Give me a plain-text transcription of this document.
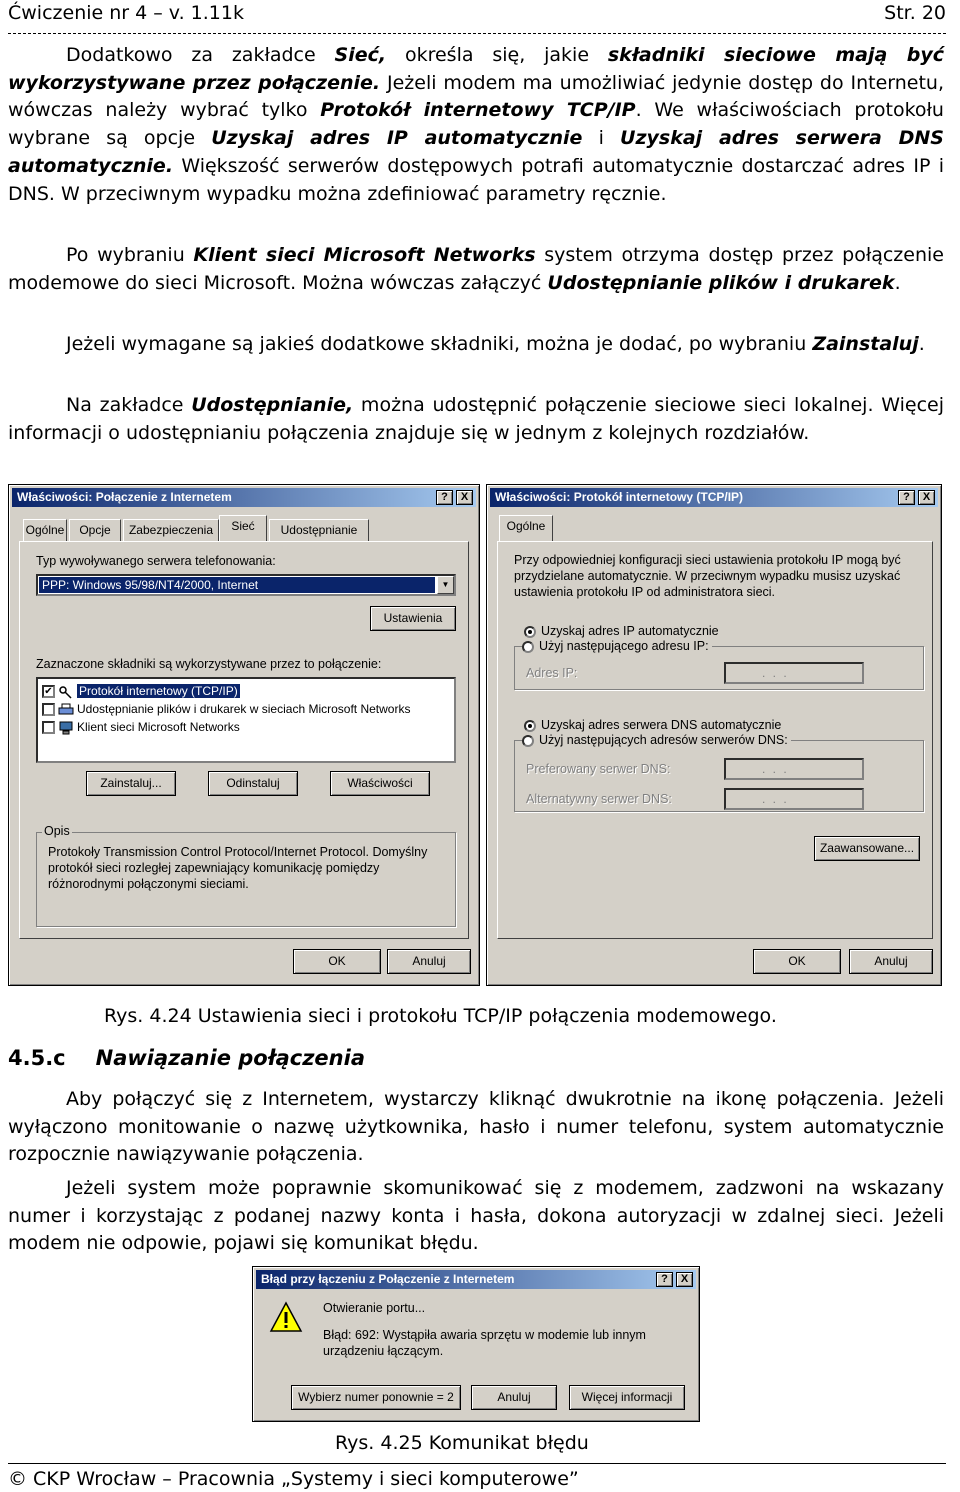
Ćwiczenie nr 4 – v. 1.11k	Str. 20
Dodatkowo za zakładce Sieć, określa się, jakie składniki sieciowe mają być wykorzystywane przez połączenie. Jeżeli modem ma umożliwiać jedynie dostęp do Internetu, wówczas należy wybrać tylko Protokół internetowy TCP/IP. We właściwościach protokołu wybrane są opcje Uzyskaj adres IP automatycznie i Uzyskaj adres serwera DNS automatycznie. Większość serwerów dostępowych potrafi automatycznie dostarczać adres IP i DNS. W przeciwnym wypadku można zdefiniować parametry ręcznie.
Po wybraniu Klient sieci Microsoft Networks system otrzyma dostęp przez połączenie modemowe do sieci Microsoft. Można wówczas załączyć Udostępnianie plików i drukarek.
Jeżeli wymagane są jakieś dodatkowe składniki, można je dodać, po wybraniu Zainstaluj.
Na zakładce Udostępnianie, można udostępnić połączenie sieciowe sieci lokalnej. Więcej informacji o udostępnianiu połączenia znajduje się w jednym z kolejnych rozdziałów.
Właściwości: Połączenie z Internetem	?	X
Ogólne	Opcje	Zabezpieczenia	Sieć	Udostępnianie
Typ wywoływanego serwera telefonowania:
PPP: Windows 95/98/NT4/2000, Internet	▼
Ustawienia
Zaznaczone składniki są wykorzystywane przez to połączenie:
✔ Protokół internetowy (TCP/IP)
Udostępnianie plików i drukarek w sieciach Microsoft Networks
Klient sieci Microsoft Networks
Zainstaluj...	Odinstaluj	Właściwości
Opis
Protokoły Transmission Control Protocol/Internet Protocol. Domyślny protokół sieci rozległej zapewniający komunikację pomiędzy różnorodnymi połączonymi sieciami.
OK	Anuluj
Właściwości: Protokół internetowy (TCP/IP)	?	X
Ogólne
Przy odpowiedniej konfiguracji sieci ustawienia protokołu IP mogą być przydzielane automatycznie. W przeciwnym wypadku musisz uzyskać ustawienia protokołu IP od administratora sieci.
Uzyskaj adres IP automatycznie
Użyj następującego adresu IP:
Adres IP:	. . .
Uzyskaj adres serwera DNS automatycznie
Użyj następujących adresów serwerów DNS:
Preferowany serwer DNS:	. . .
Alternatywny serwer DNS:	. . .
Zaawansowane...
OK	Anuluj
Rys. 4.24 Ustawienia sieci i protokołu TCP/IP połączenia modemowego.
4.5.c Nawiązanie połączenia
Aby połączyć się z Internetem, wystarczy kliknąć dwukrotnie na ikonę połączenia. Jeżeli wyłączono monitowanie o nazwę użytkownika, hasło i numer telefonu, system automatycznie rozpocznie nawiązywanie połączenia.
Jeżeli system może poprawnie skomunikować się z modemem, zadzwoni na wskazany numer i korzystając z podanej nazwy konta i hasła, dokona autoryzacji w zdalnej sieci. Jeżeli modem nie odpowie, pojawi się komunikat błędu.
Błąd przy łączeniu z Połączenie z Internetem	?	X
Otwieranie portu...
Błąd: 692: Wystąpiła awaria sprzętu w modemie lub innym urządzeniu łączącym.
Wybierz numer ponownie = 2	Anuluj	Więcej informacji
Rys. 4.25 Komunikat błędu
© CKP Wrocław – Pracownia „Systemy i sieci komputerowe”
